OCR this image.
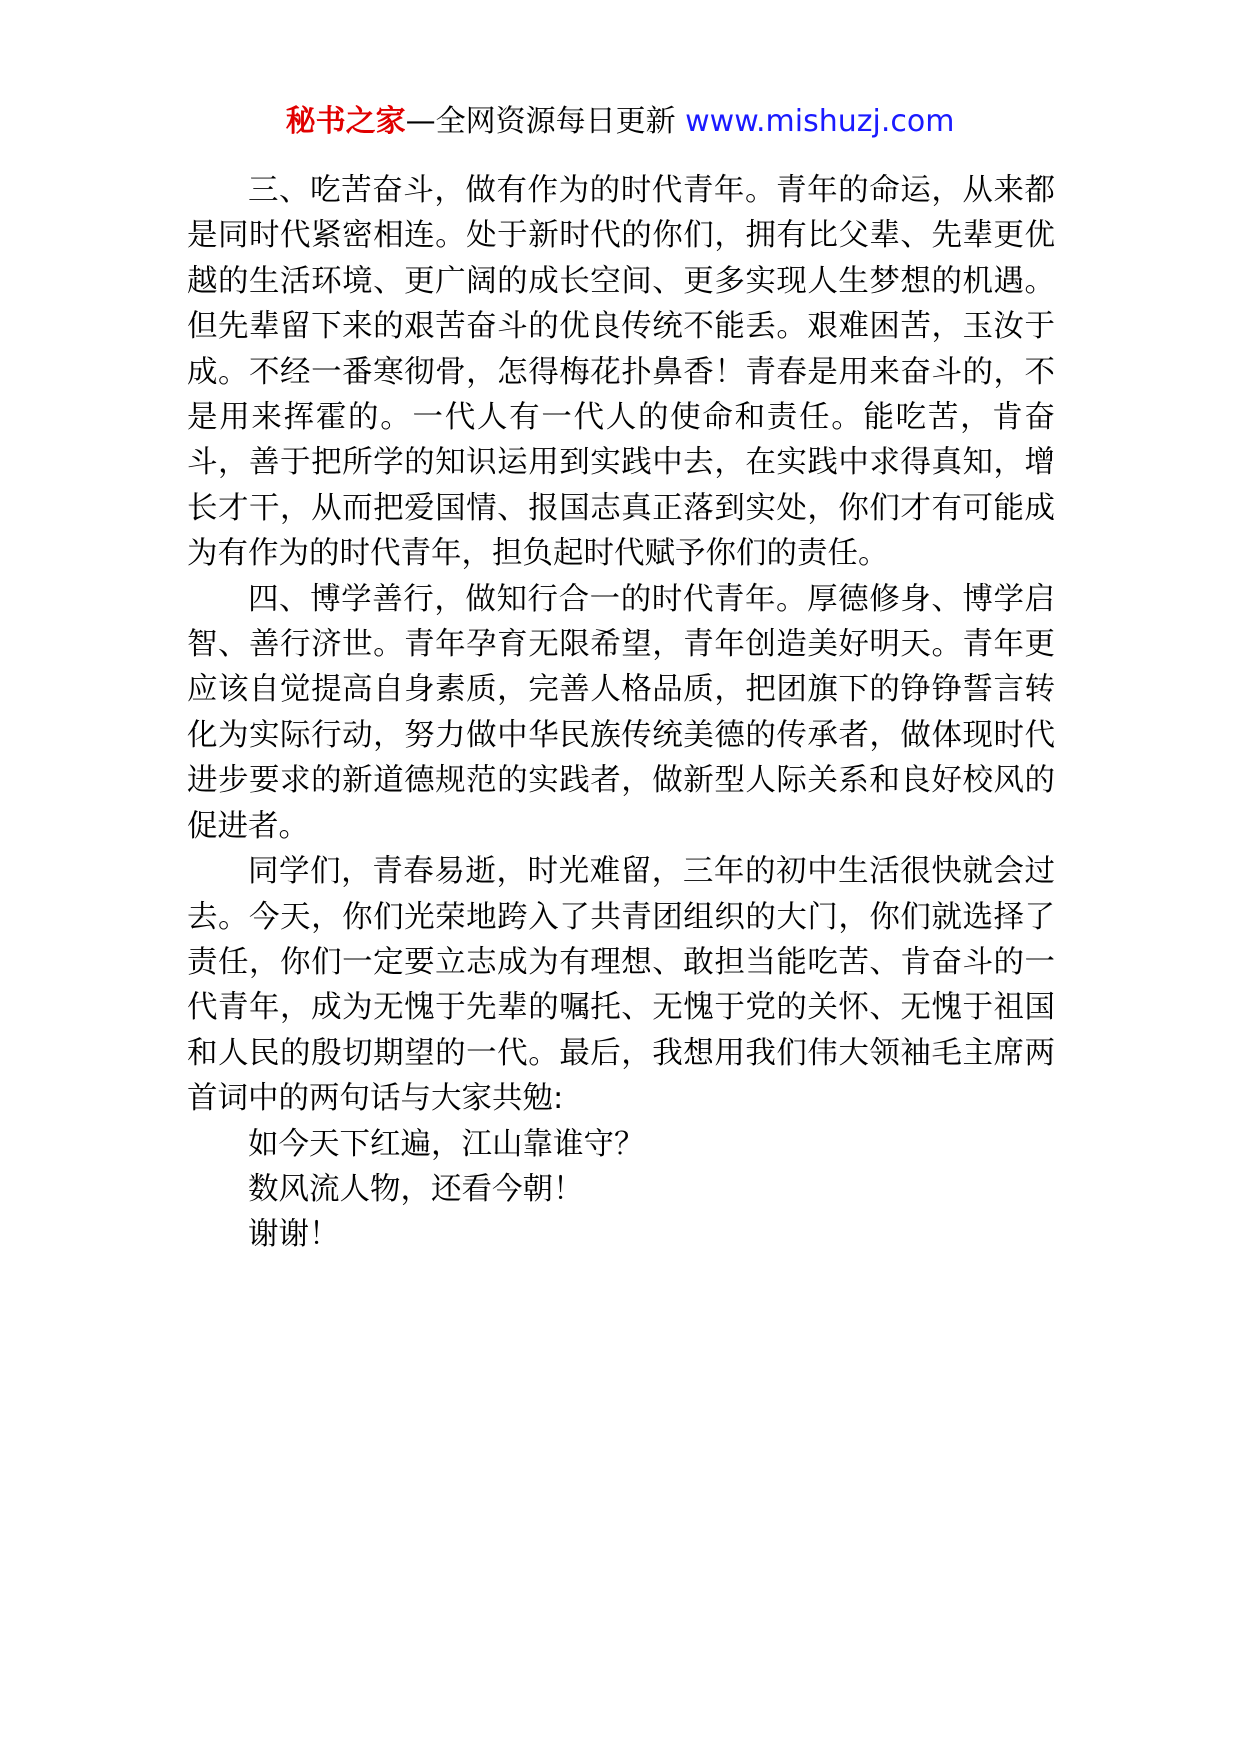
秘书之家—全网资源每日更新 www.mishuzj.com

三、吃苦奋斗，做有作为的时代青年。青年的命运，从来都是同时代紧密相连。处于新时代的你们，拥有比父辈、先辈更优越的生活环境、更广阔的成长空间、更多实现人生梦想的机遇。但先辈留下来的艰苦奋斗的优良传统不能丢。艰难困苦，玉汝于成。不经一番寒彻骨，怎得梅花扑鼻香！青春是用来奋斗的，不是用来挥霍的。一代人有一代人的使命和责任。能吃苦，肯奋斗，善于把所学的知识运用到实践中去，在实践中求得真知，增长才干，从而把爱国情、报国志真正落到实处，你们才有可能成为有作为的时代青年，担负起时代赋予你们的责任。

四、博学善行，做知行合一的时代青年。厚德修身、博学启智、善行济世。青年孕育无限希望，青年创造美好明天。青年更应该自觉提高自身素质，完善人格品质，把团旗下的铮铮誓言转化为实际行动，努力做中华民族传统美德的传承者，做体现时代进步要求的新道德规范的实践者，做新型人际关系和良好校风的促进者。

同学们，青春易逝，时光难留，三年的初中生活很快就会过去。今天，你们光荣地跨入了共青团组织的大门，你们就选择了责任，你们一定要立志成为有理想、敢担当能吃苦、肯奋斗的一代青年，成为无愧于先辈的嘱托、无愧于党的关怀、无愧于祖国和人民的殷切期望的一代。最后，我想用我们伟大领袖毛主席两首词中的两句话与大家共勉:

如今天下红遍，江山靠谁守？

数风流人物，还看今朝！

谢谢！
